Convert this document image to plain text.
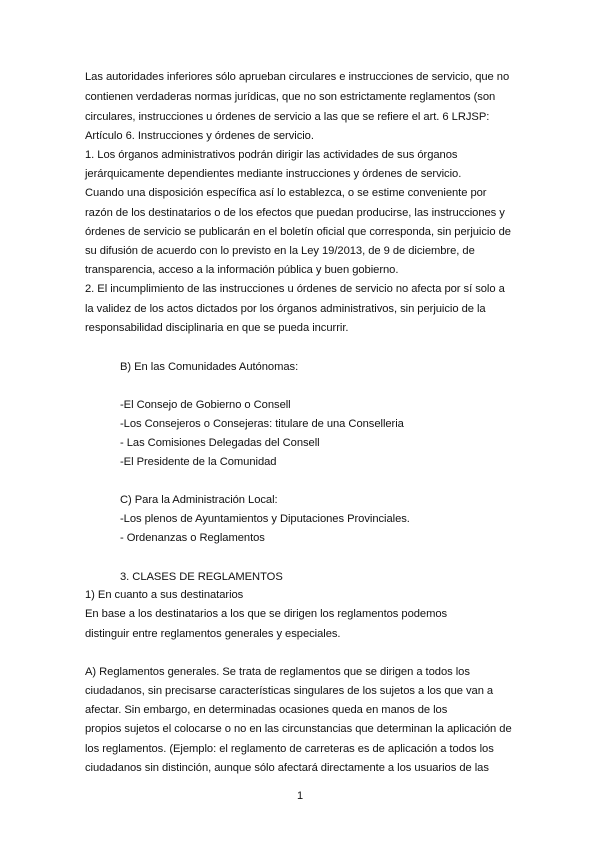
Las autoridades inferiores sólo aprueban circulares e instrucciones de servicio, que no
contienen verdaderas normas jurídicas, que no son estrictamente reglamentos (son
circulares, instrucciones u órdenes de servicio a las que se refiere el art. 6 LRJSP:
Artículo 6. Instrucciones y órdenes de servicio.
1. Los órganos administrativos podrán dirigir las actividades de sus órganos
jerárquicamente dependientes mediante instrucciones y órdenes de servicio.
Cuando una disposición específica así lo establezca, o se estime conveniente por
razón de los destinatarios o de los efectos que puedan producirse, las instrucciones y
órdenes de servicio se publicarán en el boletín oficial que corresponda, sin perjuicio de
su difusión de acuerdo con lo previsto en la Ley 19/2013, de 9 de diciembre, de
transparencia, acceso a la información pública y buen gobierno.
2. El incumplimiento de las instrucciones u órdenes de servicio no afecta por sí solo a
la validez de los actos dictados por los órganos administrativos, sin perjuicio de la
responsabilidad disciplinaria en que se pueda incurrir.
B) En las Comunidades Autónomas:
-El Consejo de Gobierno o Consell
-Los Consejeros o Consejeras: titulare de una Conselleria
- Las Comisiones Delegadas del Consell
-El Presidente de la Comunidad
C) Para la Administración Local:
-Los plenos de Ayuntamientos y Diputaciones Provinciales.
- Ordenanzas o Reglamentos
3. CLASES DE REGLAMENTOS
1) En cuanto a sus destinatarios
En base a los destinatarios a los que se dirigen los reglamentos podemos
distinguir entre reglamentos generales y especiales.
A) Reglamentos generales. Se trata de reglamentos que se dirigen a todos los
ciudadanos, sin precisarse características singulares de los sujetos a los que van a
afectar. Sin embargo, en determinadas ocasiones queda en manos de los
propios sujetos el colocarse o no en las circunstancias que determinan la aplicación de
los reglamentos. (Ejemplo: el reglamento de carreteras es de aplicación a todos los
ciudadanos sin distinción, aunque sólo afectará directamente a los usuarios de las
1
